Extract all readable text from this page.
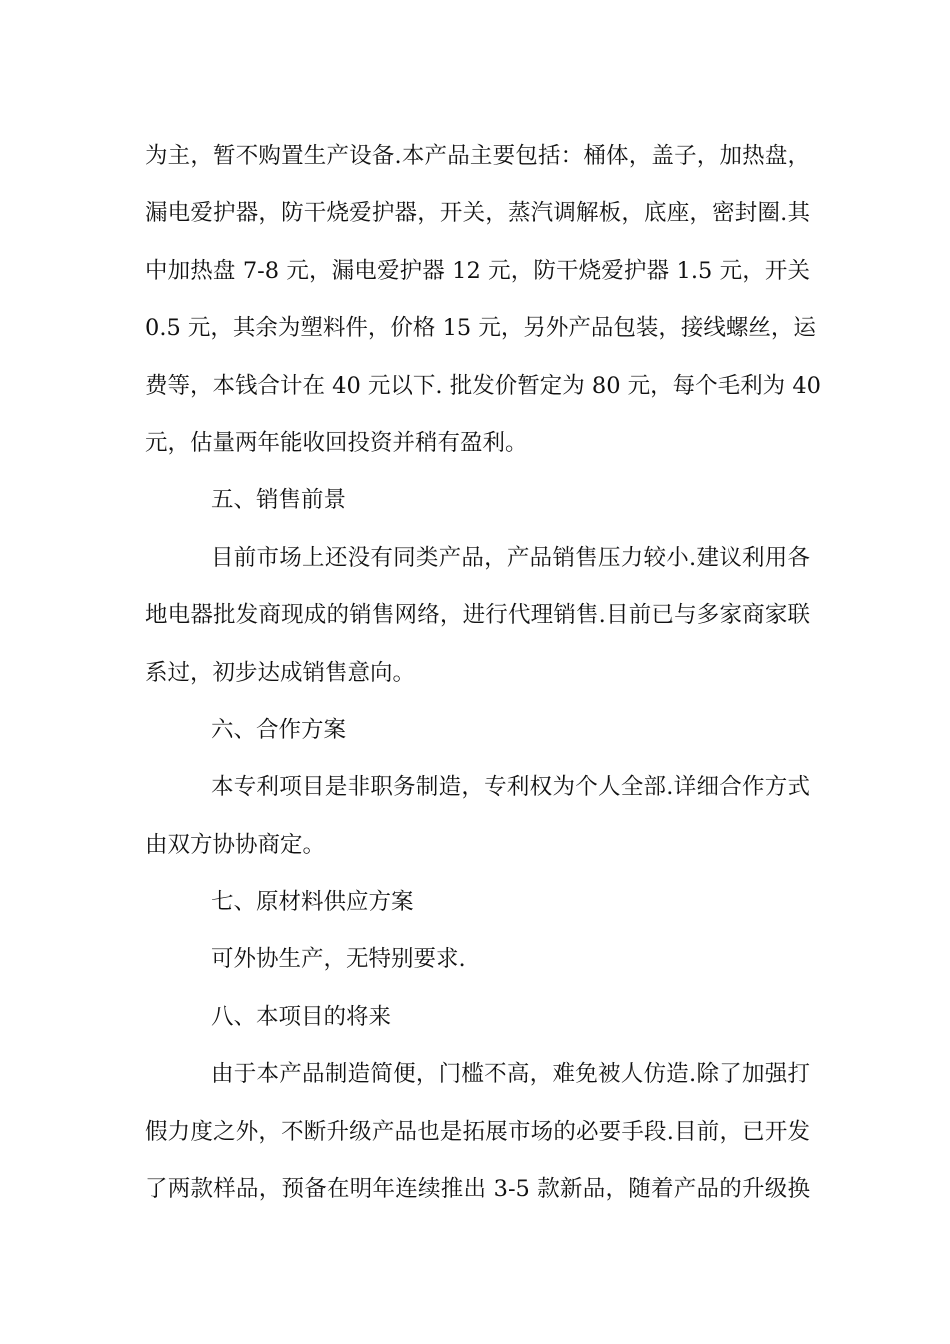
为主，暂不购置生产设备.本产品主要包括：桶体，盖子，加热盘，
漏电爱护器，防干烧爱护器，开关，蒸汽调解板，底座，密封圈.其
中加热盘 7-8 元，漏电爱护器 12 元，防干烧爱护器 1.5 元，开关
0.5 元，其余为塑料件，价格 15 元，另外产品包装，接线螺丝，运
费等，本钱合计在 40 元以下. 批发价暂定为 80 元，每个毛利为 40
元，估量两年能收回投资并稍有盈利。
五、销售前景
目前市场上还没有同类产品，产品销售压力较小.建议利用各
地电器批发商现成的销售网络，进行代理销售.目前已与多家商家联
系过，初步达成销售意向。
六、合作方案
本专利项目是非职务制造，专利权为个人全部.详细合作方式
由双方协协商定。
七、原材料供应方案
可外协生产，无特别要求.
八、本项目的将来
由于本产品制造简便，门槛不高，难免被人仿造.除了加强打
假力度之外，不断升级产品也是拓展市场的必要手段.目前，已开发
了两款样品，预备在明年连续推出 3-5 款新品，随着产品的升级换
